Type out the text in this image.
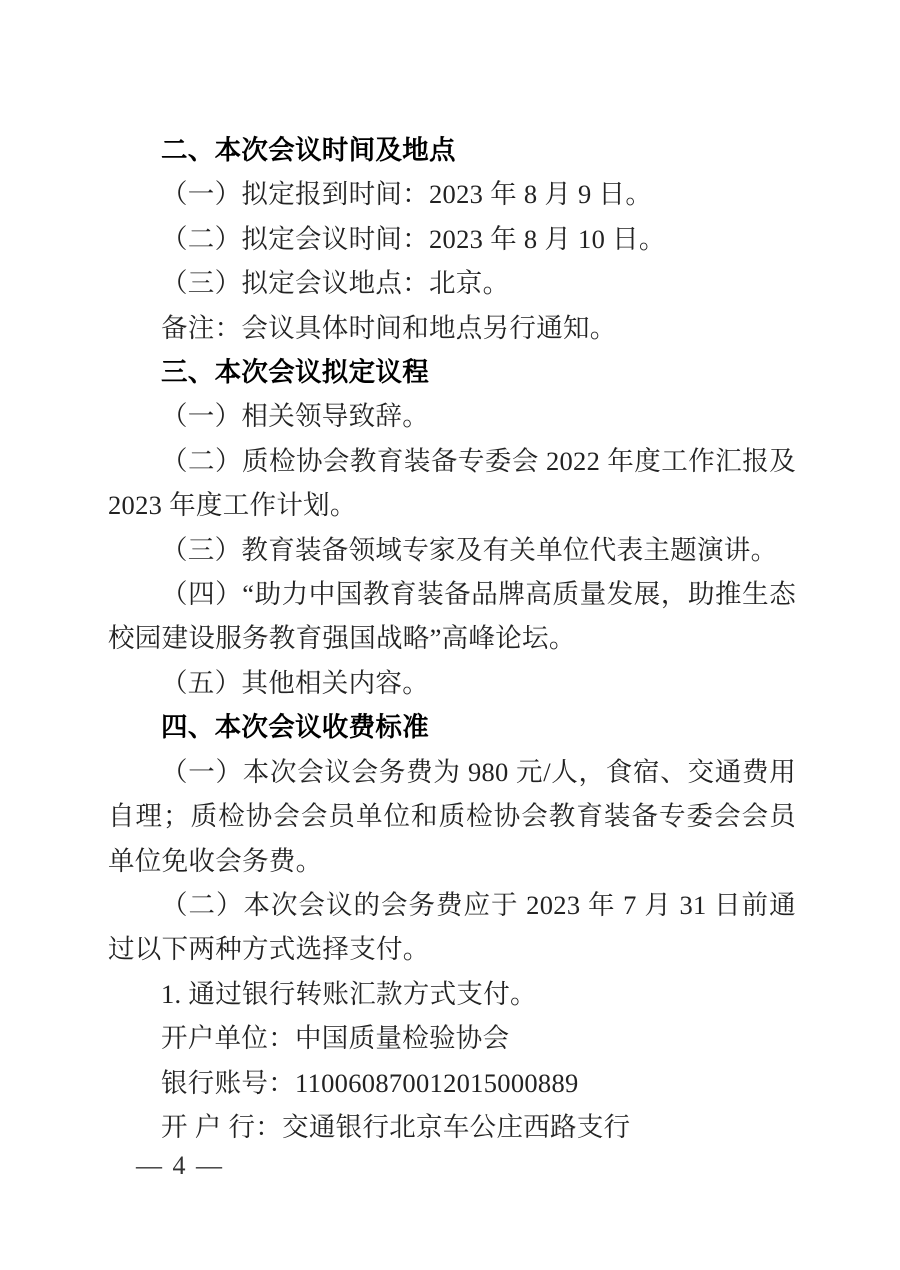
二、本次会议时间及地点

（一）拟定报到时间：2023 年 8 月 9 日。

（二）拟定会议时间：2023 年 8 月 10 日。

（三）拟定会议地点：北京。

备注：会议具体时间和地点另行通知。

三、本次会议拟定议程

（一）相关领导致辞。

（二）质检协会教育装备专委会 2022 年度工作汇报及 2023 年度工作计划。

（三）教育装备领域专家及有关单位代表主题演讲。

（四）“助力中国教育装备品牌高质量发展，助推生态校园建设服务教育强国战略”高峰论坛。

（五）其他相关内容。

四、本次会议收费标准

（一）本次会议会务费为 980 元/人，食宿、交通费用自理；质检协会会员单位和质检协会教育装备专委会会员单位免收会务费。

（二）本次会议的会务费应于 2023 年 7 月 31 日前通过以下两种方式选择支付。

1. 通过银行转账汇款方式支付。

开户单位：中国质量检验协会

银行账号：110060870012015000889

开 户 行：交通银行北京车公庄西路支行

— 4 —
